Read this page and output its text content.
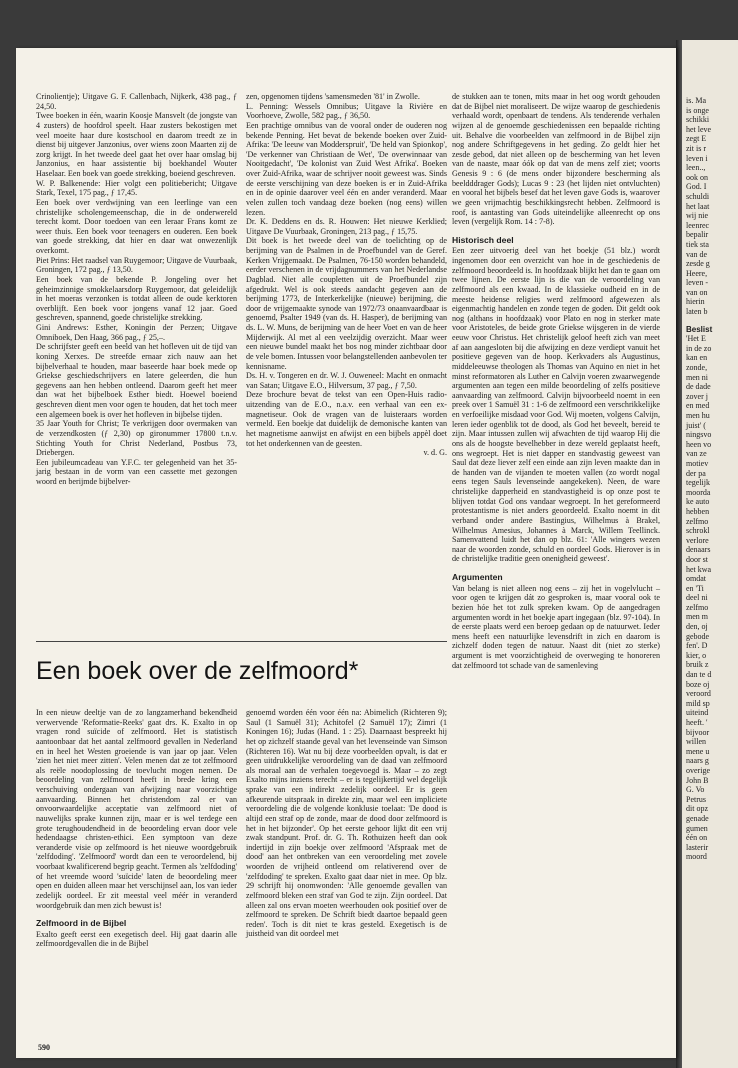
is. Ma
is onge
schikki
het leve
zegt E
zit is r
leven i
leen..,
ook on
God. I
schuldi
het laat
wij nie
leenrec
bepalir
tiek sta
van de
zesde g
Heere,
leven -
van on
hierin
laten b
Beslist
'Het E
in de zo
kan en
zonde,
men ni
de dade
zover j
en med
men hu
juist' (
ningsvo
heen vo
van ze
motiev
der pa
tegelijk
moorda
ke auto
hebben
zelfmo
schrokl
verlore
denaars
door st
het kwa
omdat
en 'Ti
deel ni
zelfmo
men m
den, oj
gebode
fen'. D
kier, o
bruik z
dan te d
boze oj
veroord
mild sp
uiteind
heeft. '
bijvoor
willen
mene u
naars g
overige
John B
G. Vo
Petrus
dit opz
genade
gumen
één on
lasterir
moord

Crinolientje); Uitgave G. F. Callenbach, Nijkerk, 438 pag., ƒ 24,50.

Twee boeken in één, waarin Koosje Mansvelt (de jongste van 4 zusters) de hoofdrol speelt. Haar zusters bekostigen met veel moeite haar dure kostschool en daarom treedt ze in dienst bij uitgever Janzonius, over wiens zoon Maarten zij de zorg krijgt. In het tweede deel gaat het over haar omslag bij Janzonius, en haar assistentie bij boekhandel Wouter Haselaar. Een boek van goede strekking, boeiend geschreven.

W. P. Balkenende: Hier volgt een politiebericht; Uitgave Stark, Texel, 175 pag., ƒ 17,45.

Een boek over verdwijning van een leerlinge van een christelijke scholengemeenschap, die in de onderwereld terecht komt. Door toedoen van een leraar Frans komt ze weer thuis. Een boek voor teenagers en ouderen. Een boek van goede strekking, dat hier en daar wat onwezenlijk overkomt.

Piet Prins: Het raadsel van Ruygemoor; Uitgave de Vuurbaak, Groningen, 172 pag., ƒ 13,50.

Een boek van de bekende P. Jongeling over het geheimzinnige smokkelaarsdorp Ruygemoor, dat geleidelijk in het moeras verzonken is totdat alleen de oude kerktoren overblijft. Een boek voor jongens vanaf 12 jaar. Goed geschreven, spannend, goede christelijke strekking.

Gini Andrews: Esther, Koningin der Perzen; Uitgave Omniboek, Den Haag, 366 pag., ƒ 25,–.

De schrijfster geeft een beeld van het hofleven uit de tijd van koning Xerxes. De streefde ernaar zich nauw aan het bijbelverhaal te houden, maar baseerde haar boek mede op Griekse geschiedschrijvers en latere geleerden, die hun gegevens aan hen hebben ontleend. Daarom geeft het meer dan wat het bijbelboek Esther biedt. Hoewel boeiend geschreven dient men voor ogen te houden, dat het toch meer een algemeen boek is over het hofleven in bijbelse tijden.

35 Jaar Youth for Christ; Te verkrijgen door overmaken van de verzendkosten (ƒ 2,30) op gironummer 17800 t.n.v. Stichting Youth for Christ Nederland, Postbus 73, Driebergen.

Een jubileumcadeau van Y.F.C. ter gelegenheid van het 35-jarig bestaan in de vorm van een cassette met gezongen woord en berijmde bijbelver-

zen, opgenomen tijdens 'samensmeden '81' in Zwolle.

L. Penning: Wessels Omnibus; Uitgave la Rivière en Voorhoeve, Zwolle, 582 pag., ƒ 36,50.

Een prachtige omnibus van de vooral onder de ouderen nog bekende Penning. Het bevat de bekende boeken over Zuid-Afrika: 'De leeuw van Modderspruit', 'De held van Spionkop', 'De verkenner van Christiaan de Wet', 'De overwinnaar van Nooitgedacht', 'De kolonist van Zuid West Afrika'. Boeken over Zuid-Afrika, waar de schrijver nooit geweest was. Sinds de eerste verschijning van deze boeken is er in Zuid-Afrika en in de opinie daarover veel één en ander veranderd. Maar velen zullen toch vandaag deze boeken (nog eens) willen lezen.

Dr. K. Deddens en ds. R. Houwen: Het nieuwe Kerklied; Uitgave De Vuurbaak, Groningen, 213 pag., ƒ 15,75.

Dit boek is het tweede deel van de toelichting op de berijming van de Psalmen in de Proefbundel van de Geref. Kerken Vrijgemaakt. De Psalmen, 76-150 worden behandeld, eerder verschenen in de vrijdagnummers van het Nederlandse Dagblad. Niet alle coupletten uit de Proefbundel zijn afgedrukt. Wel is ook steeds aandacht gegeven aan de berijming 1773, de Interkerkelijke (nieuwe) berijming, die door de vrijgemaakte synode van 1972/73 onaanvaardbaar is genoemd, Psalter 1949 (van ds. H. Hasper), de berijming van ds. L. W. Muns, de berijming van de heer Voet en van de heer Mijderwijk. Al met al een veelzijdig overzicht. Maar weer een nieuwe bundel maakt het bos nog minder zichtbaar door de vele bomen. Intussen voor belangstellenden aanbevolen ter kennisname.

Ds. H. v. Tongeren en dr. W. J. Ouweneel: Macht en onmacht van Satan; Uitgave E.O., Hilversum, 37 pag., ƒ 7,50.

Deze brochure bevat de tekst van een Open-Huis radio-uitzending van de E.O., n.a.v. een verhaal van een ex-magnetiseur. Ook de vragen van de luisteraars worden vermeld. Een boekje dat duidelijk de demonische kanten van het magnetisme aanwijst en afwijst en een bijbels appèl doet tot het onderkennen van de geesten.

v. d. G.

Een boek over de zelfmoord*

In een nieuw deeltje van de zo langzamerhand bekendheid verwervende 'Reformatie-Reeks' gaat drs. K. Exalto in op vragen rond suïcide of zelfmoord. Het is statistisch aantoonbaar dat het aantal zelfmoord gevallen in Nederland en in heel het Westen groeiende is van jaar op jaar. Velen 'zien het niet meer zitten'. Velen menen dat ze tot zelfmoord als reële noodoplossing de toevlucht mogen nemen. De beoordeling van zelfmoord heeft in brede kring een verschuiving ondergaan van afwijzing naar voorzichtige aanvaarding. Binnen het christendom zal er van onvoorwaardelijke acceptatie van zelfmoord niet of nauwelijks sprake kunnen zijn, maar er is wel terdege een grote terughoudendheid in de beoordeling ervan door vele hedendaagse christen-ethici. Een symptoon van deze veranderde visie op zelfmoord is het nieuwe woordgebruik 'zelfdoding'. 'Zelfmoord' wordt dan een te veroordelend, bij voorbaat kwalificerend begrip geacht. Termen als 'zelfdoding' of het vreemde woord 'suïcide' laten de beoordeling meer open en duiden alleen maar het verschijnsel aan, los van ieder zedelijk oordeel. Er zit meestal veel méér in veranderd woordgebruik dan men zich bewust is!

Zelfmoord in de Bijbel

Exalto geeft eerst een exegetisch deel. Hij gaat daarin alle zelfmoordgevallen die in de Bijbel

genoemd worden één voor één na: Abimelich (Richteren 9); Saul (1 Samuël 31); Achitofel (2 Samuël 17); Zimri (1 Koningen 16); Judas (Hand. 1 : 25). Daarnaast bespreekt hij het op zichzelf staande geval van het levenseinde van Simson (Richteren 16). Wat nu bij deze voorbeelden opvalt, is dat er geen uitdrukkelijke veroordeling van de daad van zelfmoord als moraal aan de verhalen toegevoegd is. Maar – zo zegt Exalto mijns inziens terecht – er is tegelijkertijd wel degelijk sprake van een indirekt zedelijk oordeel. Er is geen afkeurende uitspraak in direkte zin, maar wel een impliciete veroordeling die de volgende konklusie toelaat: 'De dood is altijd een straf op de zonde, maar de dood door zelfmoord is het in het bijzonder'. Op het eerste gehoor lijkt dit een vrij zwak standpunt. Prof. dr. G. Th. Rothuizen heeft dan ook indertijd in zijn boekje over zelfmoord 'Afspraak met de dood' aan het ontbreken van een veroordeling met zovele woorden de vrijheid ontleend om relativerend over de 'zelfdoding' te spreken. Exalto gaat daar niet in mee. Op blz. 29 schrijft hij onomwonden: 'Alle genoemde gevallen van zelfmoord bleken een straf van God te zijn. Zijn oordeel. Dat alleen zal ons ervan moeten weerhouden ook positief over de zelfmoord te spreken. De Schrift biedt daartoe bepaald geen reden'. Toch is dit niet te kras gesteld. Exegetisch is de juistheid van dit oordeel met

de stukken aan te tonen, mits maar in het oog wordt gehouden dat de Bijbel niet moraliseert. De wijze waarop de geschiedenis verhaald wordt, openbaart de tendens. Als tenderende verhalen wijzen al de genoemde geschiedenissen een bepaalde richting uit. Behalve die voorbeelden van zelfmoord in de Bijbel zijn nog andere Schriftgegevens in het geding. Zo geldt hier het zesde gebod, dat niet alleen op de bescherming van het leven van de naaste, maar óók op dat van de mens zelf ziet; voorts Genesis 9 : 6 (de mens onder bijzondere bescherming als beeldddrager Gods); Lucas 9 : 23 (het lijden niet ontvluchten) en vooral het bijbels besef dat het leven gave Gods is, waarover we geen vrijmachtig beschikkingsrecht hebben. Zelfmoord is roof, is aantasting van Gods uiteindelijke alleenrecht op ons leven (vergelijk Rom. 14 : 7-8).

Historisch deel

Een zeer uitvoerig deel van het boekje (51 blz.) wordt ingenomen door een overzicht van hoe in de geschiedenis de zelfmoord beoordeeld is. In hoofdzaak blijkt het dan te gaan om twee lijnen. De eerste lijn is die van de veroordeling van zelfmoord als een kwaad. In de klassieke oudheid en in de meeste heidense religies werd zelfmoord afgewezen als eigenmachtig handelen en zonde tegen de goden. Dit geldt ook nog (althans in hoofdzaak) voor Plato en nog in sterker mate voor Aristoteles, de beide grote Griekse wijsgeren in de vierde eeuw voor Christus. Het christelijk geloof heeft zich van meet af aan aangesloten bij die afwijzing en deze verdiept vanuit het positieve gegeven van de hoop. Kerkvaders als Augustinus, middeleeuwse theologen als Thomas van Aquino en niet in het minst reformatoren als Luther en Calvijn voeren zwaarwegende argumenten aan tegen een milde beoordeling of zelfs positieve aanvaarding van zelfmoord. Calvijn bijvoorbeeld noemt in een preek over 1 Samuël 31 : 1-6 de zelfmoord een verschrikkelijke en verfoeilijke misdaad voor God. Wij moeten, volgens Calvijn, leren ieder ogenblik tot de dood, als God het beveelt, bereid te zijn. Maar intussen zullen wij afwachten de tijd waarop Hij die ons als de hoogste bevelhebber in deze wereld geplaatst heeft, ons wegroept. Het is niet dapper en standvastig geweest van Saul dat deze liever zelf een einde aan zijn leven maakte dan in de handen van de vijanden te moeten vallen (zo wordt nogal eens tegen Sauls levenseinde aangekeken). Neen, de ware christelijke dapperheid en standvastigheid is op onze post te blijven totdat God ons vandaar wegroept. In het gereformeerd protestantisme is niet anders geoordeeld. Exalto noemt in dit verband onder andere Bastingius, Wilhelmus à Brakel, Wilhelmus Amesius, Johannes à Marck, Willem Teellinck. Samenvattend luidt het dan op blz. 61: 'Alle wingers wezen naar de woorden zonde, schuld en oordeel Gods. Hierover is in de christelijke traditie geen onenigheid geweest'.

Argumenten

Van belang is niet alleen nog eens – zij het in vogelvlucht – voor ogen te krijgen dát zo gesproken is, maar vooral ook te bezien hóe het tot zulk spreken kwam. Op de aangedragen argumenten wordt in het boekje apart ingegaan (blz. 97-104). In de eerste plaats werd een beroep gedaan op de natuurwet. Ieder mens heeft een natuurlijke levensdrift in zich en daarom is zichzelf doden tegen de natuur. Naast dit (niet zo sterke) argument is met voorzichtigheid de overweging te honoreren dat zelfmoord tot schade van de samenleving

590
